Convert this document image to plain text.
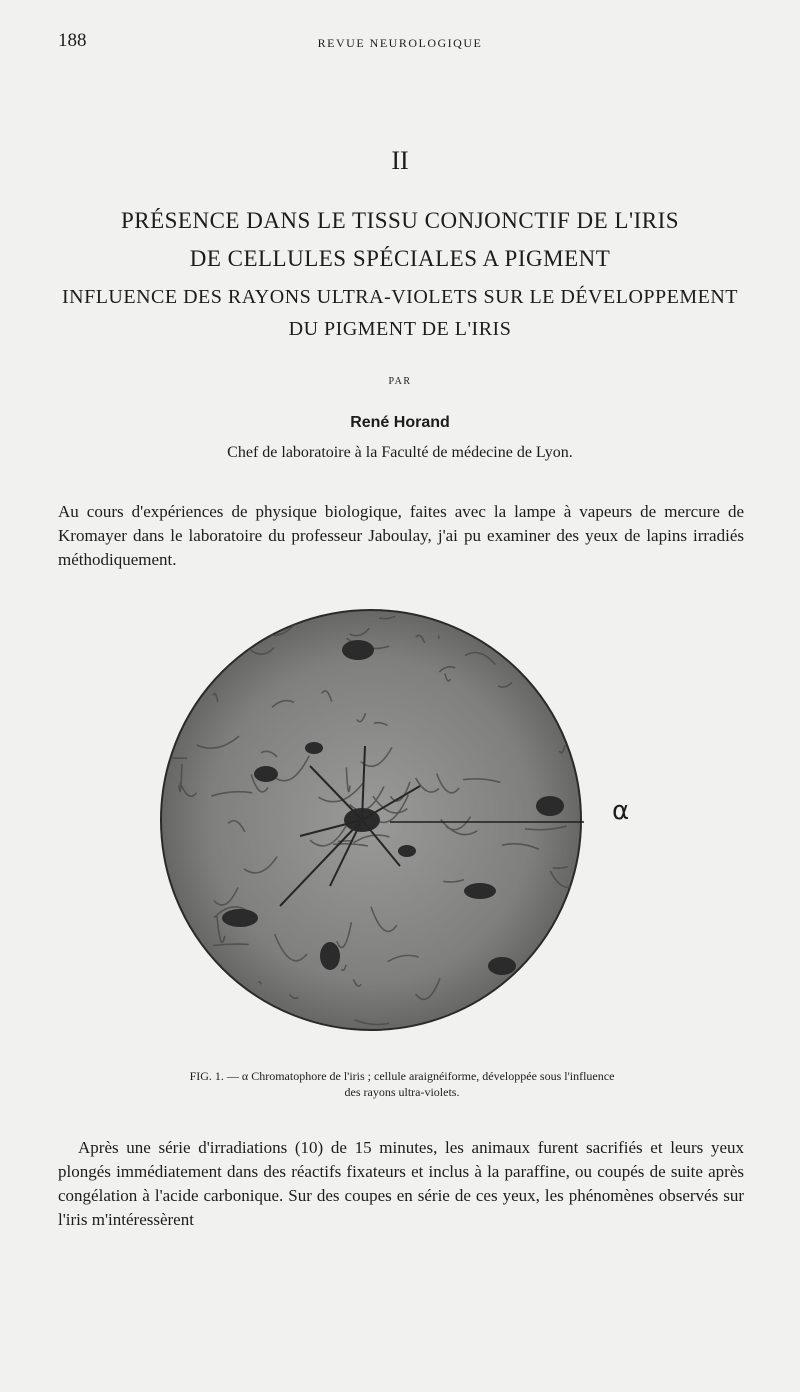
188	REVUE NEUROLOGIQUE
II
PRÉSENCE DANS LE TISSU CONJONCTIF DE L'IRIS
DE CELLULES SPÉCIALES A PIGMENT
INFLUENCE DES RAYONS ULTRA-VIOLETS SUR LE DÉVELOPPEMENT
DU PIGMENT DE L'IRIS
PAR
René Horand
Chef de laboratoire à la Faculté de médecine de Lyon.
Au cours d'expériences de physique biologique, faites avec la lampe à vapeurs de mercure de Kromayer dans le laboratoire du professeur Jaboulay, j'ai pu examiner des yeux de lapins irradiés méthodiquement.
α
FIG. 1. — α Chromatophore de l'iris ; cellule araignéiforme, développée sous l'influence
des rayons ultra-violets.
Après une série d'irradiations (10) de 15 minutes, les animaux furent sacrifiés et leurs yeux plongés immédiatement dans des réactifs fixateurs et inclus à la paraffine, ou coupés de suite après congélation à l'acide carbonique. Sur des coupes en série de ces yeux, les phénomènes observés sur l'iris m'intéressèrent
